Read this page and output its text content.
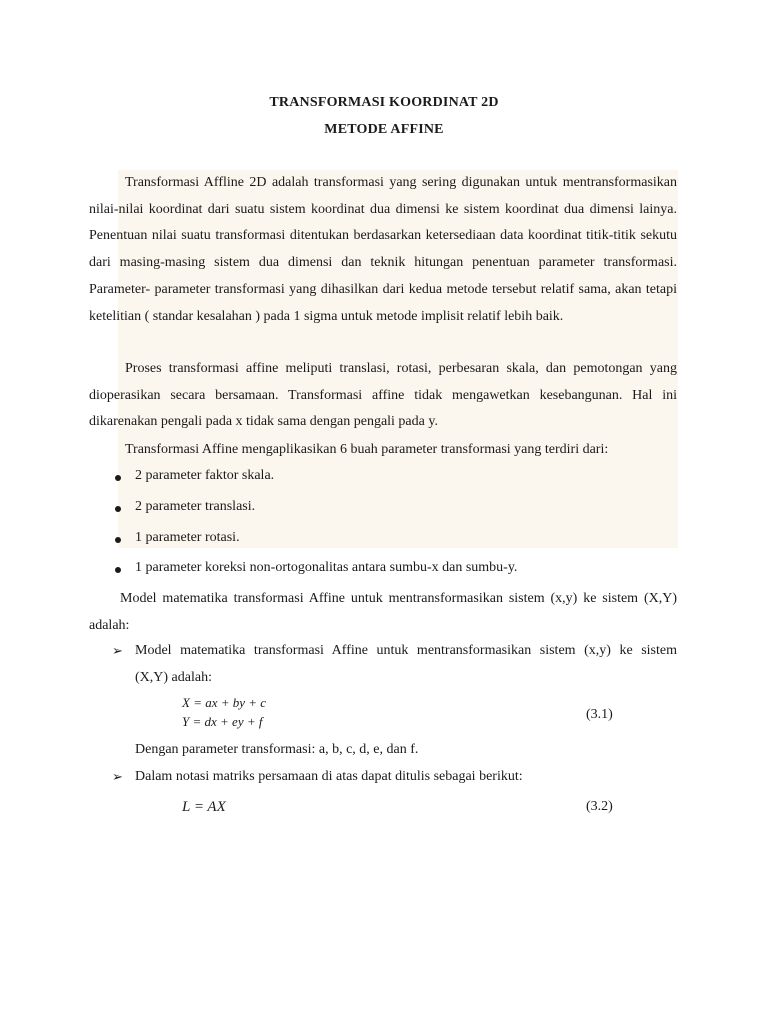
TRANSFORMASI KOORDINAT 2D
METODE AFFINE
Transformasi Affline 2D adalah transformasi yang sering digunakan untuk mentransformasikan nilai-nilai koordinat dari suatu sistem koordinat dua dimensi ke sistem koordinat dua dimensi lainya. Penentuan nilai suatu transformasi ditentukan berdasarkan ketersediaan data koordinat titik-titik sekutu dari masing-masing sistem dua dimensi dan teknik hitungan penentuan parameter transformasi. Parameter- parameter transformasi yang dihasilkan dari kedua metode tersebut relatif sama, akan tetapi ketelitian ( standar kesalahan ) pada 1 sigma untuk metode implisit relatif lebih baik.
Proses transformasi affine meliputi translasi, rotasi, perbesaran skala, dan pemotongan yang dioperasikan secara bersamaan. Transformasi affine tidak mengawetkan kesebangunan. Hal ini dikarenakan pengali pada x tidak sama dengan pengali pada y.
Transformasi Affine mengaplikasikan 6 buah parameter transformasi yang terdiri dari:
2 parameter faktor skala.
2 parameter translasi.
1 parameter rotasi.
1 parameter koreksi non-ortogonalitas antara sumbu-x dan sumbu-y.
Model matematika transformasi Affine untuk mentransformasikan sistem (x,y) ke sistem (X,Y) adalah:
➢ Model matematika transformasi Affine untuk mentransformasikan sistem (x,y) ke sistem
(X,Y) adalah:
X = ax + by + c
Y = dx + ey + f	(3.1)
Dengan parameter transformasi: a, b, c, d, e, dan f.
➢ Dalam notasi matriks persamaan di atas dapat ditulis sebagai berikut:
L = AX	(3.2)
